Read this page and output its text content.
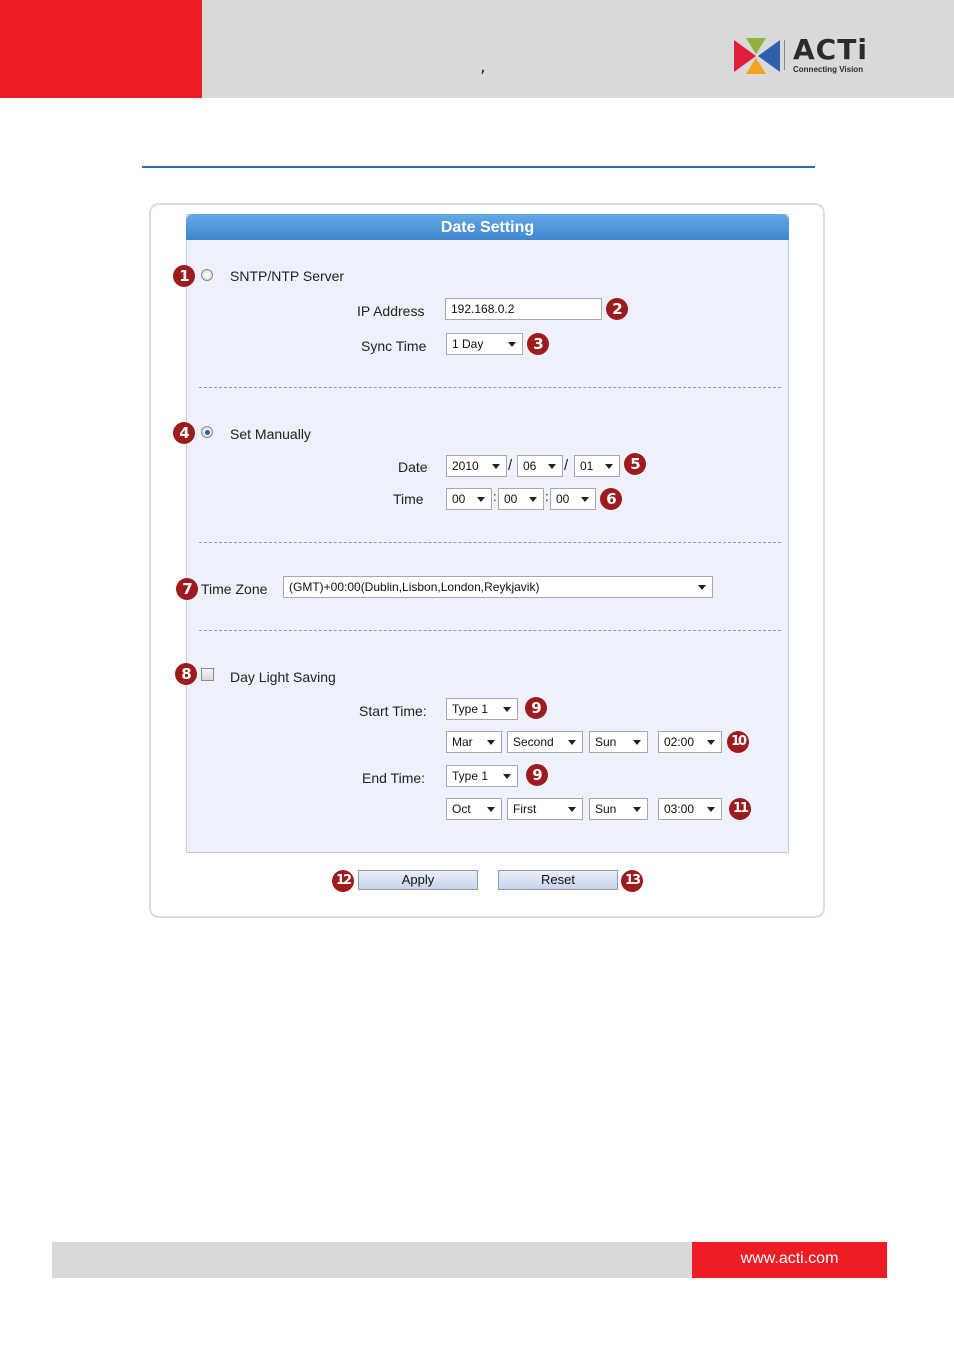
,
ACTi
Connecting Vision
Date Setting
1	SNTP/NTP Server
IP Address	192.168.0.2	2
Sync Time	1 Day	3
4	Set Manually
Date	2010	/ 06	/ 01	5
Time	00	: 00	: 00	6
7 Time Zone	(GMT)+00:00(Dublin,Lisbon,London,Reykjavik)
8	Day Light Saving
Start Time:	Type 1	9
Mar	Second	Sun	02:00	10
End Time:	Type 1	9
Oct	First	Sun	03:00	11
12	Apply	Reset	13
www.acti.com
